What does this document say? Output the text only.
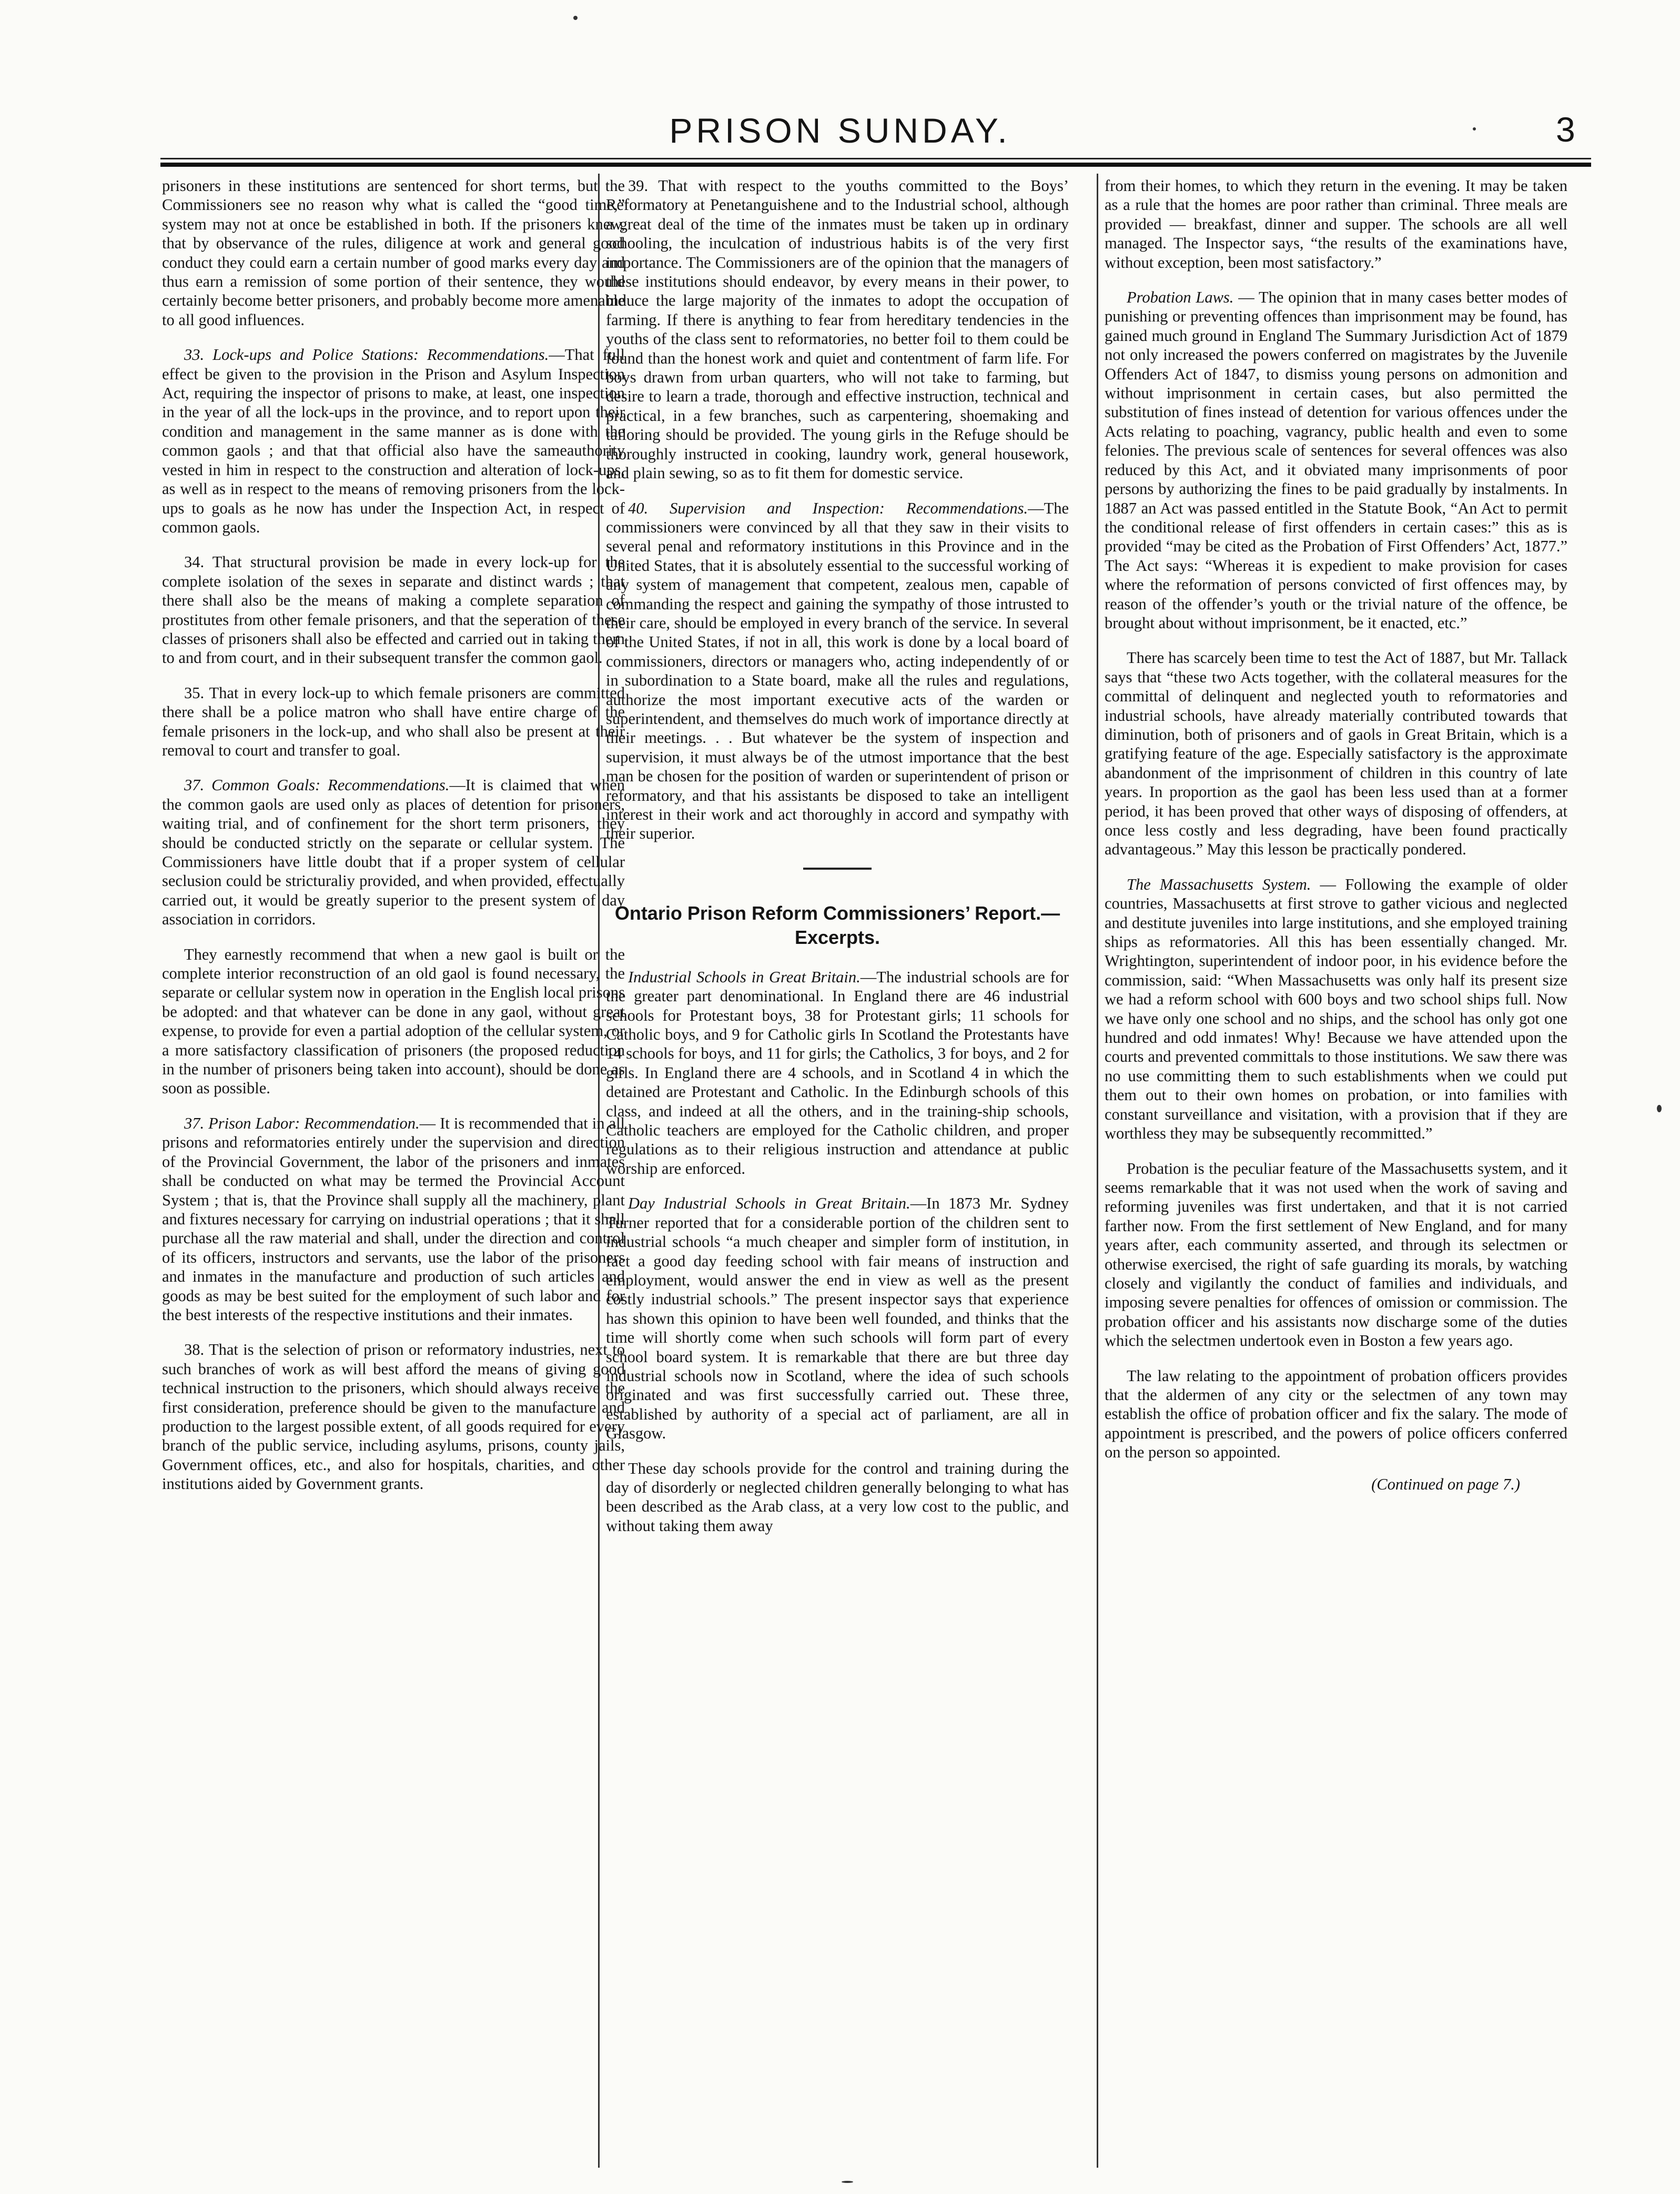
PRISON SUNDAY.	3

prisoners in these institutions are sentenced for short terms, but the Commissioners see no reason why what is called the “good time,” system may not at once be established in both. If the prisoners knew, that by observance of the rules, diligence at work and general good conduct they could earn a certain number of good marks every day and thus earn a remission of some portion of their sentence, they would certainly become better prisoners, and probably become more amenable to all good influences.

33. Lock-ups and Police Stations: Recommendations.—That full effect be given to the provision in the Prison and Asylum Inspection Act, requiring the inspector of prisons to make, at least, one inspection in the year of all the lock-ups in the province, and to report upon their condition and management in the same manner as is done with the common gaols ; and that that official also have the sameauthority vested in him in respect to the construction and alteration of lock-ups, as well as in respect to the means of removing prisoners from the lock-ups to goals as he now has under the Inspection Act, in respect of common gaols.

34. That structural provision be made in every lock-up for the complete isolation of the sexes in separate and distinct wards ; that there shall also be the means of making a complete separation of prostitutes from other female prisoners, and that the seperation of these classes of prisoners shall also be effected and carried out in taking them to and from court, and in their subsequent transfer the common gaol.

35. That in every lock-up to which female prisoners are committed there shall be a police matron who shall have entire charge of the female prisoners in the lock-up, and who shall also be present at their removal to court and transfer to goal.

37. Common Goals: Recommendations.—It is claimed that when the common gaols are used only as places of detention for prisoners, waiting trial, and of confinement for the short term prisoners, they should be conducted strictly on the separate or cellular system. The Commissioners have little doubt that if a proper system of cellular seclusion could be stricturaliy provided, and when provided, effectually carried out, it would be greatly superior to the present system of day association in corridors.

They earnestly recommend that when a new gaol is built or the complete interior reconstruction of an old gaol is found necessary, the separate or cellular system now in operation in the English local prisons be adopted: and that whatever can be done in any gaol, without great expense, to provide for even a partial adoption of the cellular system, or a more satisfactory classification of prisoners (the proposed reduction in the number of prisoners being taken into account), should be done as soon as possible.

37. Prison Labor: Recommendation.— It is recommended that in all prisons and reformatories entirely under the supervision and direction of the Provincial Government, the labor of the prisoners and inmates shall be conducted on what may be termed the Provincial Account System ; that is, that the Province shall supply all the machinery, plant and fixtures necessary for carrying on industrial operations ; that it shall purchase all the raw material and shall, under the direction and control of its officers, instructors and servants, use the labor of the prisoners and inmates in the manufacture and production of such articles and goods as may be best suited for the employment of such labor and for the best interests of the respective institutions and their inmates.

38. That is the selection of prison or reformatory industries, next to such branches of work as will best afford the means of giving good technical instruction to the prisoners, which should always receive the first consideration, preference should be given to the manufacture and production to the largest possible extent, of all goods required for every branch of the public service, including asylums, prisons, county jails, Government offices, etc., and also for hospitals, charities, and other institutions aided by Government grants.

39. That with respect to the youths committed to the Boys’ Reformatory at Penetanguishene and to the Industrial school, although a great deal of the time of the inmates must be taken up in ordinary schooling, the inculcation of industrious habits is of the very first importance. The Commissioners are of the opinion that the managers of these institutions should endeavor, by every means in their power, to induce the large majority of the inmates to adopt the occupation of farming. If there is anything to fear from hereditary tendencies in the youths of the class sent to reformatories, no better foil to them could be found than the honest work and quiet and contentment of farm life. For boys drawn from urban quarters, who will not take to farming, but desire to learn a trade, thorough and effective instruction, technical and practical, in a few branches, such as carpentering, shoemaking and tailoring should be provided. The young girls in the Refuge should be thoroughly instructed in cooking, laundry work, general housework, and plain sewing, so as to fit them for domestic service.

40. Supervision and Inspection: Recommendations.—The commissioners were convinced by all that they saw in their visits to several penal and reformatory institutions in this Province and in the United States, that it is absolutely essential to the successful working of any system of management that competent, zealous men, capable of commanding the respect and gaining the sympathy of those intrusted to their care, should be employed in every branch of the service. In several of the United States, if not in all, this work is done by a local board of commissioners, directors or managers who, acting independently of or in subordination to a State board, make all the rules and regulations, authorize the most important executive acts of the warden or superintendent, and themselves do much work of importance directly at their meetings. . . But whatever be the system of inspection and supervision, it must always be of the utmost importance that the best man be chosen for the position of warden or superintendent of prison or reformatory, and that his assistants be disposed to take an intelligent interest in their work and act thoroughly in accord and sympathy with their superior.

Ontario Prison Reform Commissioners’ Report.—Excerpts.

Industrial Schools in Great Britain.—The industrial schools are for the greater part denominational. In England there are 46 industrial schools for Protestant boys, 38 for Protestant girls; 11 schools for Catholic boys, and 9 for Catholic girls In Scotland the Protestants have 14 schools for boys, and 11 for girls; the Catholics, 3 for boys, and 2 for girls. In England there are 4 schools, and in Scotland 4 in which the detained are Protestant and Catholic. In the Edinburgh schools of this class, and indeed at all the others, and in the training-ship schools, Catholic teachers are employed for the Catholic children, and proper regulations as to their religious instruction and attendance at public worship are enforced.

Day Industrial Schools in Great Britain.—In 1873 Mr. Sydney Turner reported that for a considerable portion of the children sent to industrial schools “a much cheaper and simpler form of institution, in fact a good day feeding school with fair means of instruction and employment, would answer the end in view as well as the present costly industrial schools.” The present inspector says that experience has shown this opinion to have been well founded, and thinks that the time will shortly come when such schools will form part of every school board system. It is remarkable that there are but three day industrial schools now in Scotland, where the idea of such schools originated and was first successfully carried out. These three, established by authority of a special act of parliament, are all in Glasgow.

These day schools provide for the control and training during the day of disorderly or neglected children generally belonging to what has been described as the Arab class, at a very low cost to the public, and without taking them away

from their homes, to which they return in the evening. It may be taken as a rule that the homes are poor rather than criminal. Three meals are provided — breakfast, dinner and supper. The schools are all well managed. The Inspector says, “the results of the examinations have, without exception, been most satisfactory.”

Probation Laws. — The opinion that in many cases better modes of punishing or preventing offences than imprisonment may be found, has gained much ground in England The Summary Jurisdiction Act of 1879 not only increased the powers conferred on magistrates by the Juvenile Offenders Act of 1847, to dismiss young persons on admonition and without imprisonment in certain cases, but also permitted the substitution of fines instead of detention for various offences under the Acts relating to poaching, vagrancy, public health and even to some felonies. The previous scale of sentences for several offences was also reduced by this Act, and it obviated many imprisonments of poor persons by authorizing the fines to be paid gradually by instalments. In 1887 an Act was passed entitled in the Statute Book, “An Act to permit the conditional release of first offenders in certain cases:” this as is provided “may be cited as the Probation of First Offenders’ Act, 1877.” The Act says: “Whereas it is expedient to make provision for cases where the reformation of persons convicted of first offences may, by reason of the offender’s youth or the trivial nature of the offence, be brought about without imprisonment, be it enacted, etc.”

There has scarcely been time to test the Act of 1887, but Mr. Tallack says that “these two Acts together, with the collateral measures for the committal of delinquent and neglected youth to reformatories and industrial schools, have already materially contributed towards that diminution, both of prisoners and of gaols in Great Britain, which is a gratifying feature of the age. Especially satisfactory is the approximate abandonment of the imprisonment of children in this country of late years. In proportion as the gaol has been less used than at a former period, it has been proved that other ways of disposing of offenders, at once less costly and less degrading, have been found practically advantageous.” May this lesson be practically pondered.

The Massachusetts System. — Following the example of older countries, Massachusetts at first strove to gather vicious and neglected and destitute juveniles into large institutions, and she employed training ships as reformatories. All this has been essentially changed. Mr. Wrightington, superintendent of indoor poor, in his evidence before the commission, said: “When Massachusetts was only half its present size we had a reform school with 600 boys and two school ships full. Now we have only one school and no ships, and the school has only got one hundred and odd inmates! Why! Because we have attended upon the courts and prevented committals to those institutions. We saw there was no use committing them to such establishments when we could put them out to their own homes on probation, or into families with constant surveillance and visitation, with a provision that if they are worthless they may be subsequently recommitted.”

Probation is the peculiar feature of the Massachusetts system, and it seems remarkable that it was not used when the work of saving and reforming juveniles was first undertaken, and that it is not carried farther now. From the first settlement of New England, and for many years after, each community asserted, and through its selectmen or otherwise exercised, the right of safe guarding its morals, by watching closely and vigilantly the conduct of families and individuals, and imposing severe penalties for offences of omission or commission. The probation officer and his assistants now discharge some of the duties which the selectmen undertook even in Boston a few years ago.

The law relating to the appointment of probation officers provides that the aldermen of any city or the selectmen of any town may establish the office of probation officer and fix the salary. The mode of appointment is prescribed, and the powers of police officers conferred on the person so appointed.

(Continued on page 7.)
